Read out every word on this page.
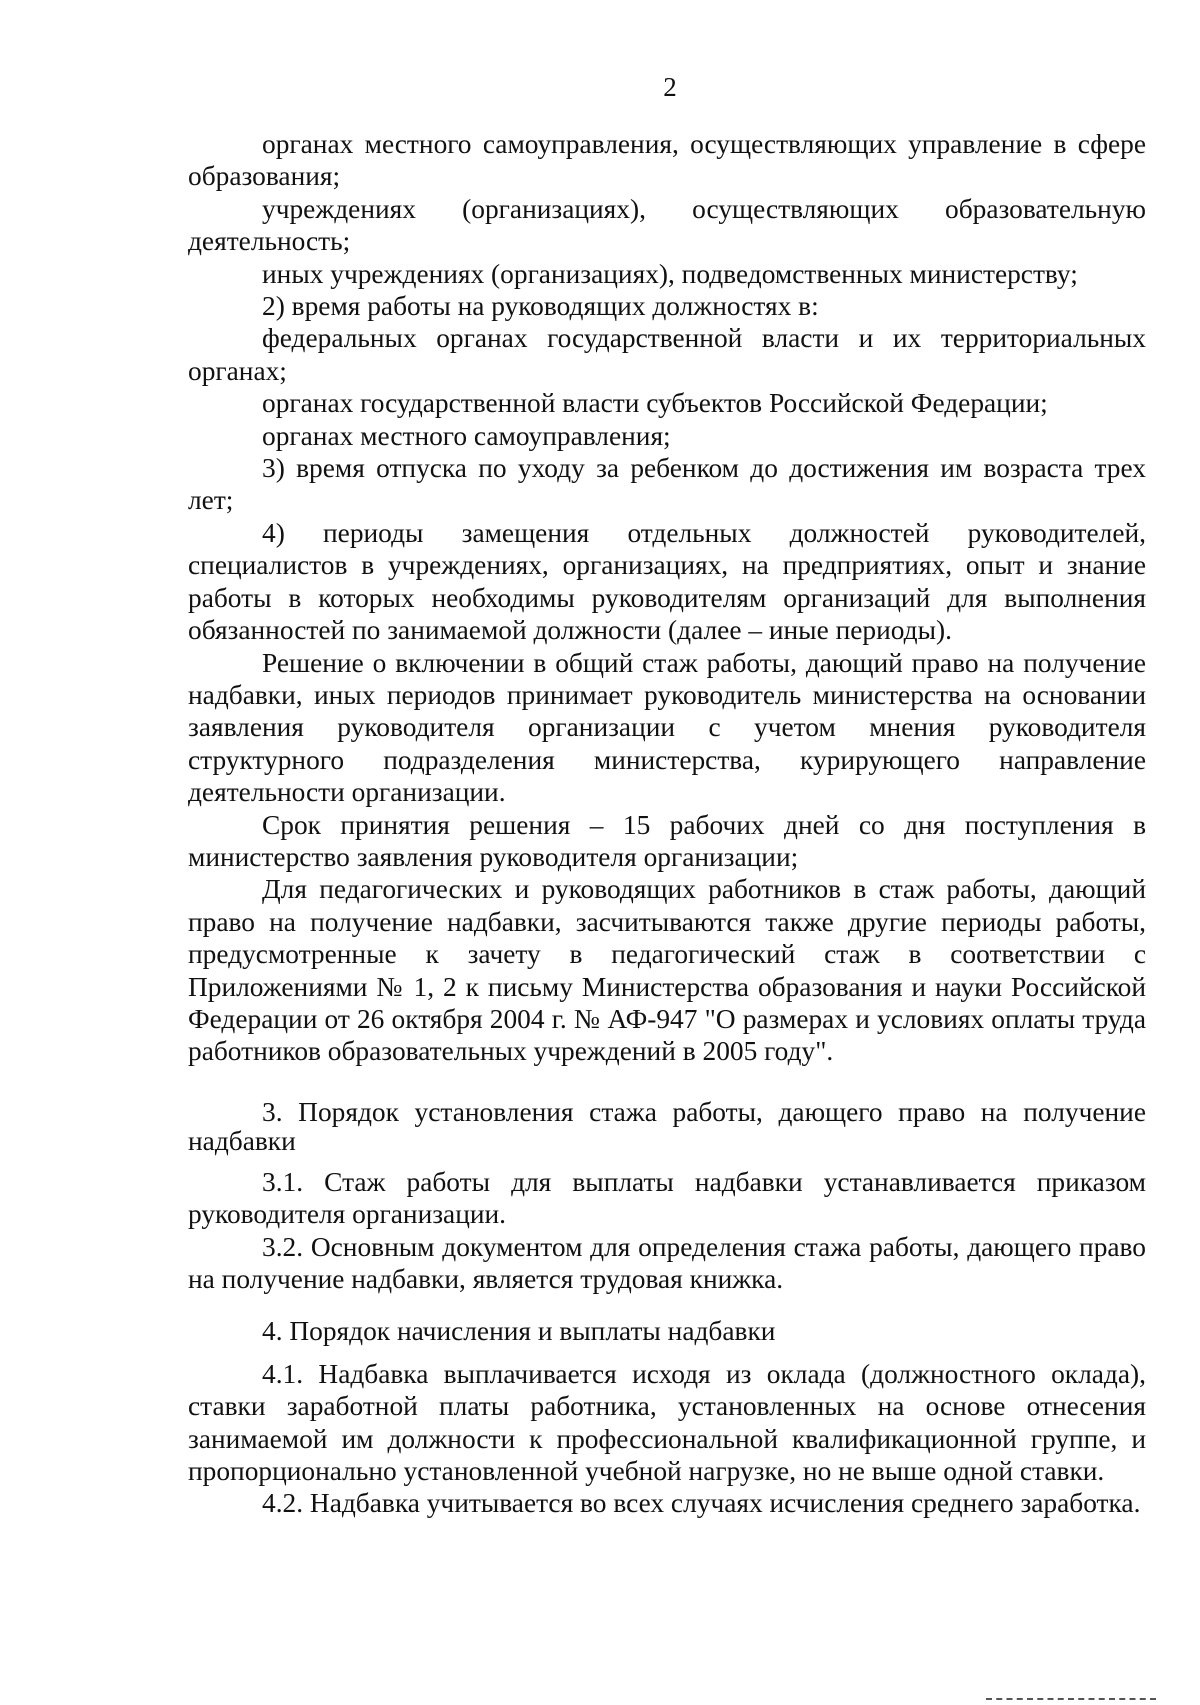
2

органах местного самоуправления, осуществляющих управление в сфере образования;

учреждениях (организациях), осуществляющих образовательную деятельность;

иных учреждениях (организациях), подведомственных министерству;

2) время работы на руководящих должностях в:

федеральных органах государственной власти и их территориальных органах;

органах государственной власти субъектов Российской Федерации;

органах местного самоуправления;

3) время отпуска по уходу за ребенком до достижения им возраста трех лет;

4) периоды замещения отдельных должностей руководителей, специалистов в учреждениях, организациях, на предприятиях, опыт и знание работы в которых необходимы руководителям организаций для выполнения обязанностей по занимаемой должности (далее – иные периоды).

Решение о включении в общий стаж работы, дающий право на получение надбавки, иных периодов принимает руководитель министерства на основании заявления руководителя организации с учетом мнения руководителя структурного подразделения министерства, курирующего направление деятельности организации.

Срок принятия решения – 15 рабочих дней со дня поступления в министерство заявления руководителя организации;

Для педагогических и руководящих работников в стаж работы, дающий право на получение надбавки, засчитываются также другие периоды работы, предусмотренные к зачету в педагогический стаж в соответствии с Приложениями № 1, 2 к письму Министерства образования и науки Российской Федерации от 26 октября 2004 г. № АФ-947 "О размерах и условиях оплаты труда работников образовательных учреждений в 2005 году".

3. Порядок установления стажа работы, дающего право на получение надбавки

3.1. Стаж работы для выплаты надбавки устанавливается приказом руководителя организации.

3.2. Основным документом для определения стажа работы, дающего право на получение надбавки, является трудовая книжка.

4. Порядок начисления и выплаты надбавки

4.1. Надбавка выплачивается исходя из оклада (должностного оклада), ставки заработной платы работника, установленных на основе отнесения занимаемой им должности к профессиональной квалификационной группе, и пропорционально установленной учебной нагрузке, но не выше одной ставки.

4.2. Надбавка учитывается во всех случаях исчисления среднего заработка.
